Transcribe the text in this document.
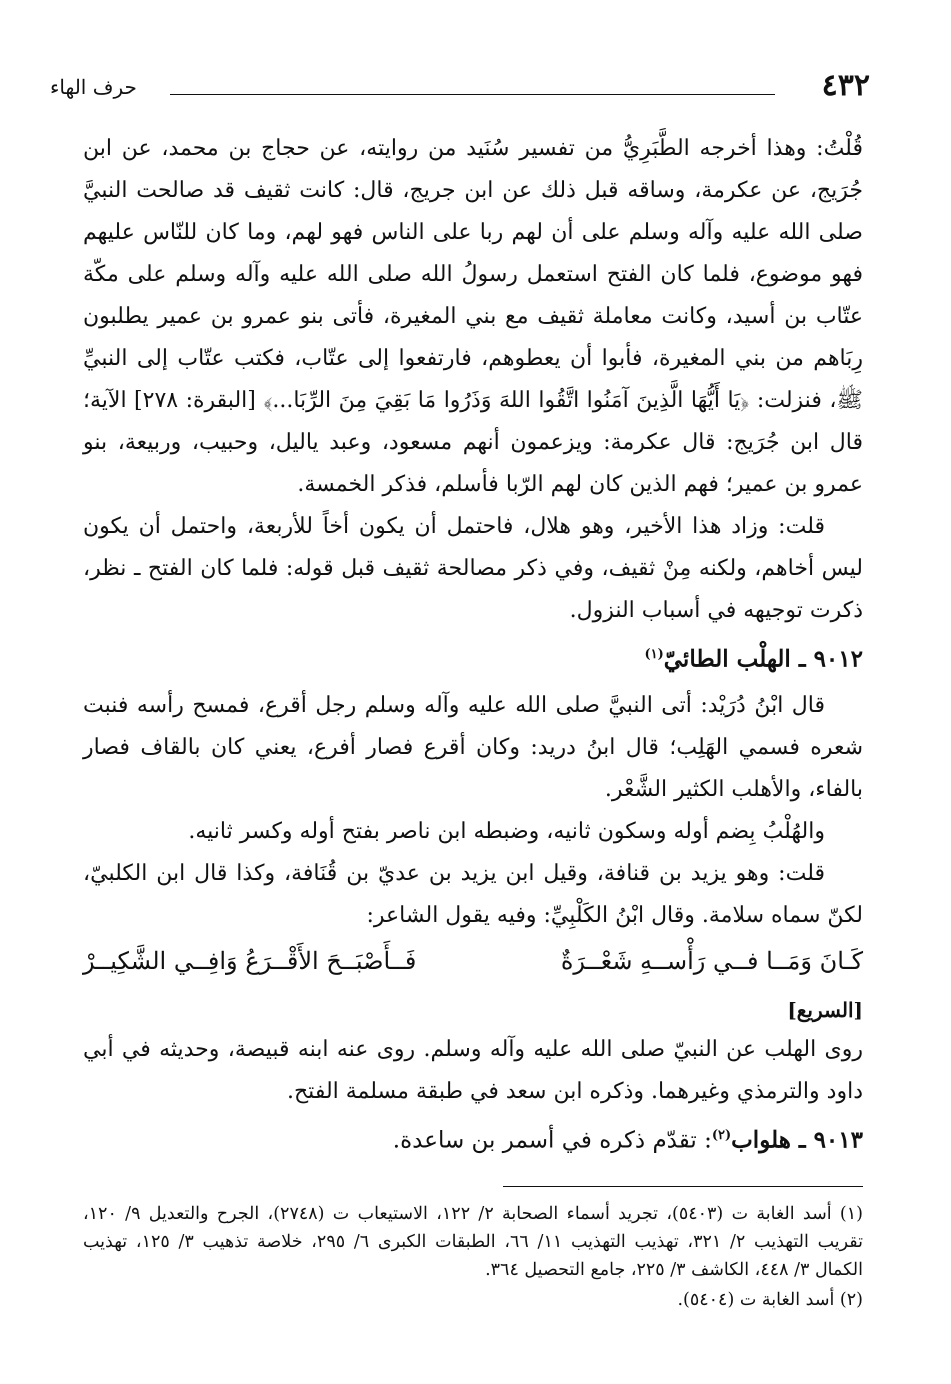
٤٣٢
حرف الهاء

قُلْتُ: وهذا أخرجه الطَّبَرِيُّ من تفسير سُنَيد من روايته، عن حجاج بن محمد، عن ابن جُرَيج، عن عكرمة، وساقه قبل ذلك عن ابن جريج، قال: كانت ثقيف قد صالحت النبيَّ صلى الله عليه وآله وسلم على أن لهم ربا على الناس فهو لهم، وما كان للنّاس عليهم فهو موضوع، فلما كان الفتح استعمل رسولُ الله صلى الله عليه وآله وسلم على مكّة عتّاب بن أسيد، وكانت معاملة ثقيف مع بني المغيرة، فأتى بنو عمرو بن عمير يطلبون رِبَاهم من بني المغيرة، فأبوا أن يعطوهم، فارتفعوا إلى عتّاب، فكتب عتّاب إلى النبيِّ ﷺ، فنزلت: ﴿يَا أَيُّهَا الَّذِينَ آمَنُوا اتَّقُوا اللهَ وَذَرُوا مَا بَقِيَ مِنَ الرِّبَا...﴾ [البقرة: ٢٧٨] الآية؛ قال ابن جُرَيج: قال عكرمة: ويزعمون أنهم مسعود، وعبد ياليل، وحبيب، وربيعة، بنو عمرو بن عمير؛ فهم الذين كان لهم الرّبا فأسلم، فذكر الخمسة.

قلت: وزاد هذا الأخير، وهو هلال، فاحتمل أن يكون أخاً للأربعة، واحتمل أن يكون ليس أخاهم، ولكنه مِنْ ثقيف، وفي ذكر مصالحة ثقيف قبل قوله: فلما كان الفتح ـ نظر، ذكرت توجيهه في أسباب النزول.

٩٠١٢ ـ الهلْب الطائيّ$^{(١)}$

قال ابْنُ دُرَيْد: أتى النبيَّ صلى الله عليه وآله وسلم رجل أقرع، فمسح رأسه فنبت شعره فسمي الهَلِب؛ قال ابنُ دريد: وكان أقرع فصار أفرع، يعني كان بالقاف فصار بالفاء، والأهلب الكثير الشَّعْر.

والهُلْبُ بِضم أوله وسكون ثانيه، وضبطه ابن ناصر بفتح أوله وكسر ثانيه.

قلت: وهو يزيد بن قنافة، وقيل ابن يزيد بن عديّ بن قُنَافة، وكذا قال ابن الكلبيّ، لكنّ سماه سلامة. وقال ابْنُ الكَلْبِيِّ: وفيه يقول الشاعر:

كَـانَ وَمَــا فــي رَأْســهِ شَعْــرَةٌ
فَــأَصْبَــحَ الأَقْــرَعُ وَافِــي الشَّكِيــرْ
[السريع]

روى الهلب عن النبيّ صلى الله عليه وآله وسلم. روى عنه ابنه قبيصة، وحديثه في أبي داود والترمذي وغيرهما. وذكره ابن سعد في طبقة مسلمة الفتح.

٩٠١٣ ـ هلواب$^{(٢)}$: تقدّم ذكره في أسمر بن ساعدة.

(١) أسد الغابة ت (٥٤٠٣)، تجريد أسماء الصحابة ٢/ ١٢٢، الاستيعاب ت (٢٧٤٨)، الجرح والتعديل ٩/ ١٢٠، تقريب التهذيب ٢/ ٣٢١، تهذيب التهذيب ١١/ ٦٦، الطبقات الكبرى ٦/ ٢٩٥، خلاصة تذهيب ٣/ ١٢٥، تهذيب الكمال ٣/ ٤٤٨، الكاشف ٣/ ٢٢٥، جامع التحصيل ٣٦٤.

(٢) أسد الغابة ت (٥٤٠٤).
